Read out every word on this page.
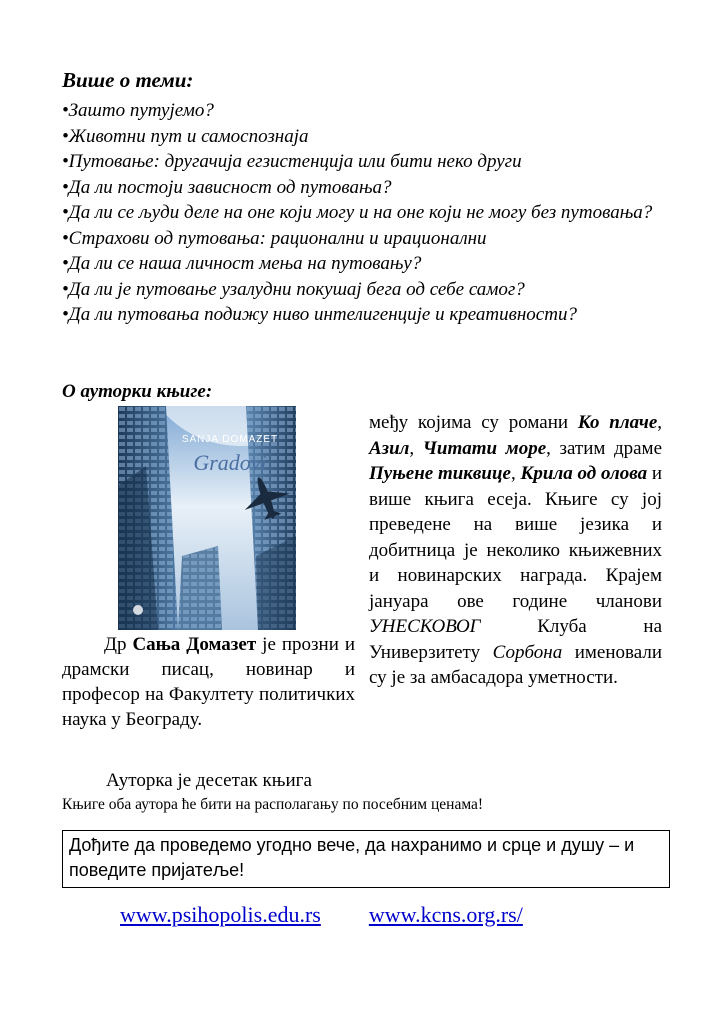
Више о теми:
•Зашто путујемо?
•Животни пут и самоспознаја
•Путовање: другачија егзистенција или бити неко други
•Да ли постоји зависност од путовања?
•Да ли се људи деле на оне који могу и на оне који не могу без путовања?
•Страхови од путовања: рационални и ирационални
•Да ли се наша личност мења на путовању?
•Да ли је путовање узалудни покушај бега од себе самог?
•Да ли путовања подижу ниво интелигенције и креативности?
О ауторки књиге:
SANJA DOMAZET
Gradovi
међу којима су романи Ко плаче, Азил, Читати море, затим драме Пуњене тиквице, Крила од олова и више књига есеја. Књиге су јој преведене на више језика и добитница је неколико књижевних и новинарских награда. Крајем јануара ове године чланови УНЕСКОВОГ Клуба на Универзитету Сорбона именовали су је за амбасадора уметности.
Др Сања Домазет је прозни и драмски писац, новинар и професор на Факултету политичких наука у Београду.
Ауторка је десетак књига
Књиге оба аутора ће бити на располагању по посебним ценама!
Дођите да проведемо угодно вече, да нахранимо и срце и душу – и поведите пријатеље!
www.psihopolis.edu.rs www.kcns.org.rs/
